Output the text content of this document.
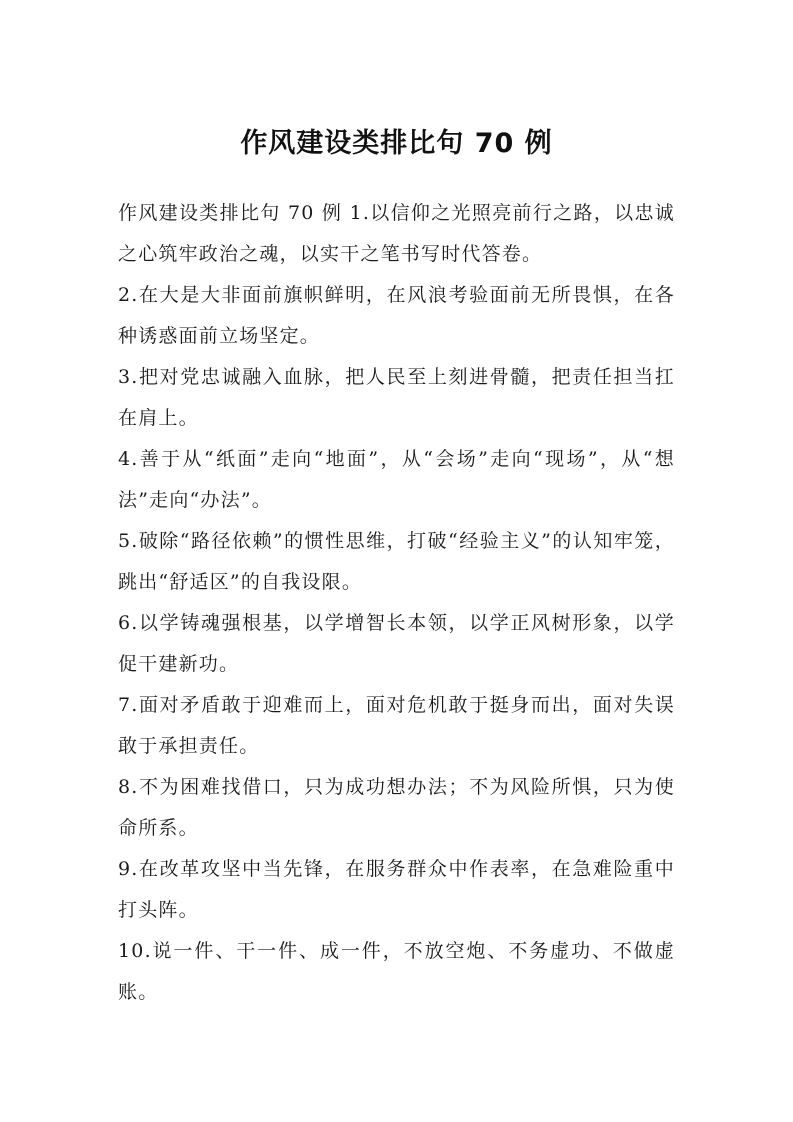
作风建设类排比句 70 例

作风建设类排比句 70 例 1.以信仰之光照亮前行之路，以忠诚之心筑牢政治之魂，以实干之笔书写时代答卷。

2.在大是大非面前旗帜鲜明，在风浪考验面前无所畏惧，在各种诱惑面前立场坚定。

3.把对党忠诚融入血脉，把人民至上刻进骨髓，把责任担当扛在肩上。

4.善于从“纸面”走向“地面”，从“会场”走向“现场”，从“想法”走向“办法”。

5.破除“路径依赖”的惯性思维，打破“经验主义”的认知牢笼，跳出“舒适区”的自我设限。

6.以学铸魂强根基，以学增智长本领，以学正风树形象，以学促干建新功。

7.面对矛盾敢于迎难而上，面对危机敢于挺身而出，面对失误敢于承担责任。

8.不为困难找借口，只为成功想办法；不为风险所惧，只为使命所系。

9.在改革攻坚中当先锋，在服务群众中作表率，在急难险重中打头阵。

10.说一件、干一件、成一件，不放空炮、不务虚功、不做虚账。
